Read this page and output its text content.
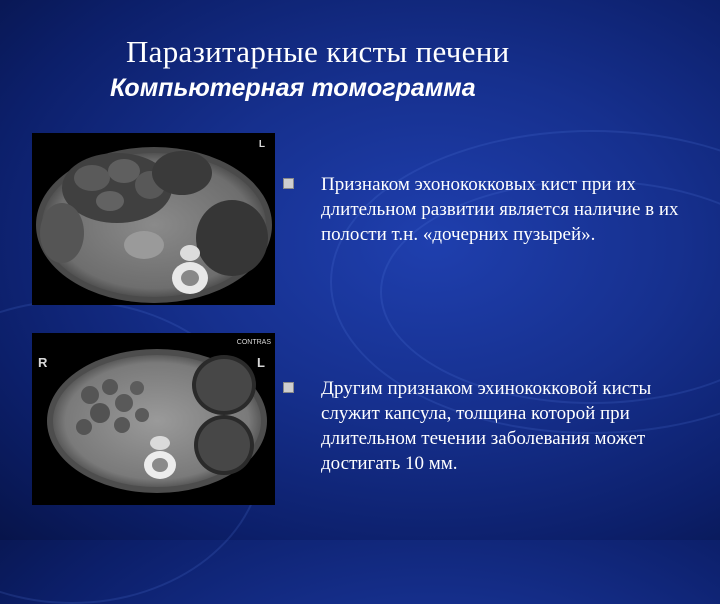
Паразитарные кисты печени
Компьютерная томограмма
L
R	L
CONTRAS
Признаком эхонококковых кист при их длительном развитии является наличие в их полости т.н. «дочерних пузырей».
Другим признаком эхинококковой кисты служит капсула, толщина которой при длительном течении заболевания может достигать 10 мм.
